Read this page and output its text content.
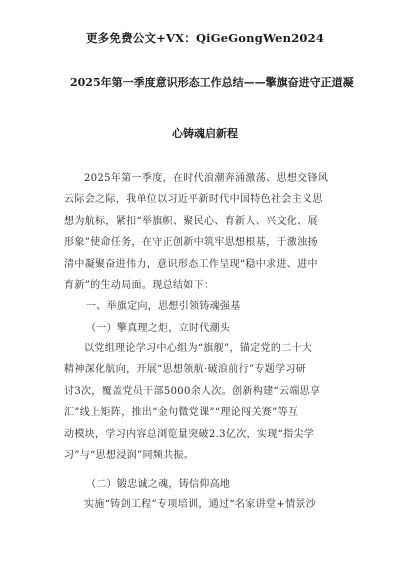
更多免费公文+VX：QiGeGongWen2024
2025年第一季度意识形态工作总结——擎旗奋进守正道凝
心铸魂启新程
2025年第一季度，在时代浪潮奔涌激荡、思想交锋风
云际会之际，我单位以习近平新时代中国特色社会主义思
想为航标，紧扣“举旗帜、聚民心、育新人、兴文化、展
形象”使命任务，在守正创新中筑牢思想根基，于激浊扬
清中凝聚奋进伟力，意识形态工作呈现“稳中求进、进中
育新”的生动局面。现总结如下：
一、举旗定向，思想引领铸魂强基
（一）擎真理之炬，立时代潮头
以党组理论学习中心组为“旗舰”，锚定党的二十大
精神深化航向，开展“思想领航·破浪前行”专题学习研
讨3次，覆盖党员干部5000余人次。创新构建“云端思享
汇”线上矩阵，推出“金句微党课”“理论闯关赛”等互
动模块，学习内容总浏览量突破2.3亿次，实现“指尖学
习”与“思想浸润”同频共振。
（二）锻忠诚之魂，铸信仰高地
实施“铸剑工程”专项培训，通过“名家讲堂+情景沙
